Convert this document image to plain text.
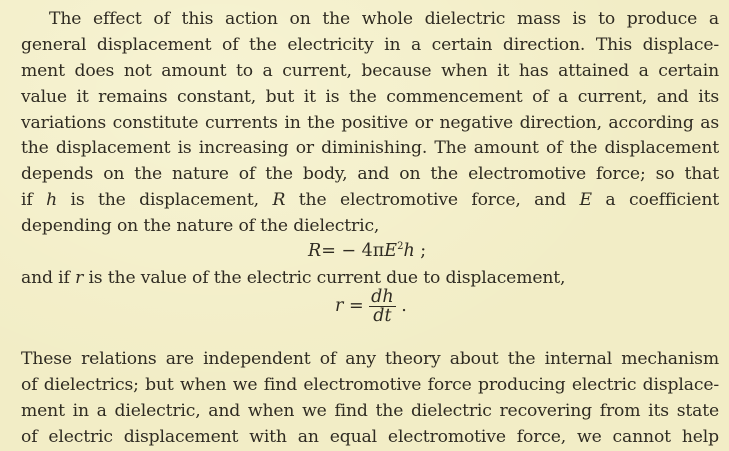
The effect of this action on the whole dielectric mass is to produce a
general displacement of the electricity in a certain direction. This displace-
ment does not amount to a current, because when it has attained a certain
value it remains constant, but it is the commencement of a current, and its
variations constitute currents in the positive or negative direction, according as
the displacement is increasing or diminishing. The amount of the displacement
depends on the nature of the body, and on the electromotive force; so that
if h is the displacement, R the electromotive force, and E a coefficient
depending on the nature of the dielectric,
$R= - 4\pi E^2h$ ;
and if r is the value of the electric current due to displacement,
$r = \frac{dh}{dt}$ .
These relations are independent of any theory about the internal mechanism
of dielectrics; but when we find electromotive force producing electric displace-
ment in a dielectric, and when we find the dielectric recovering from its state
of electric displacement with an equal electromotive force, we cannot help
